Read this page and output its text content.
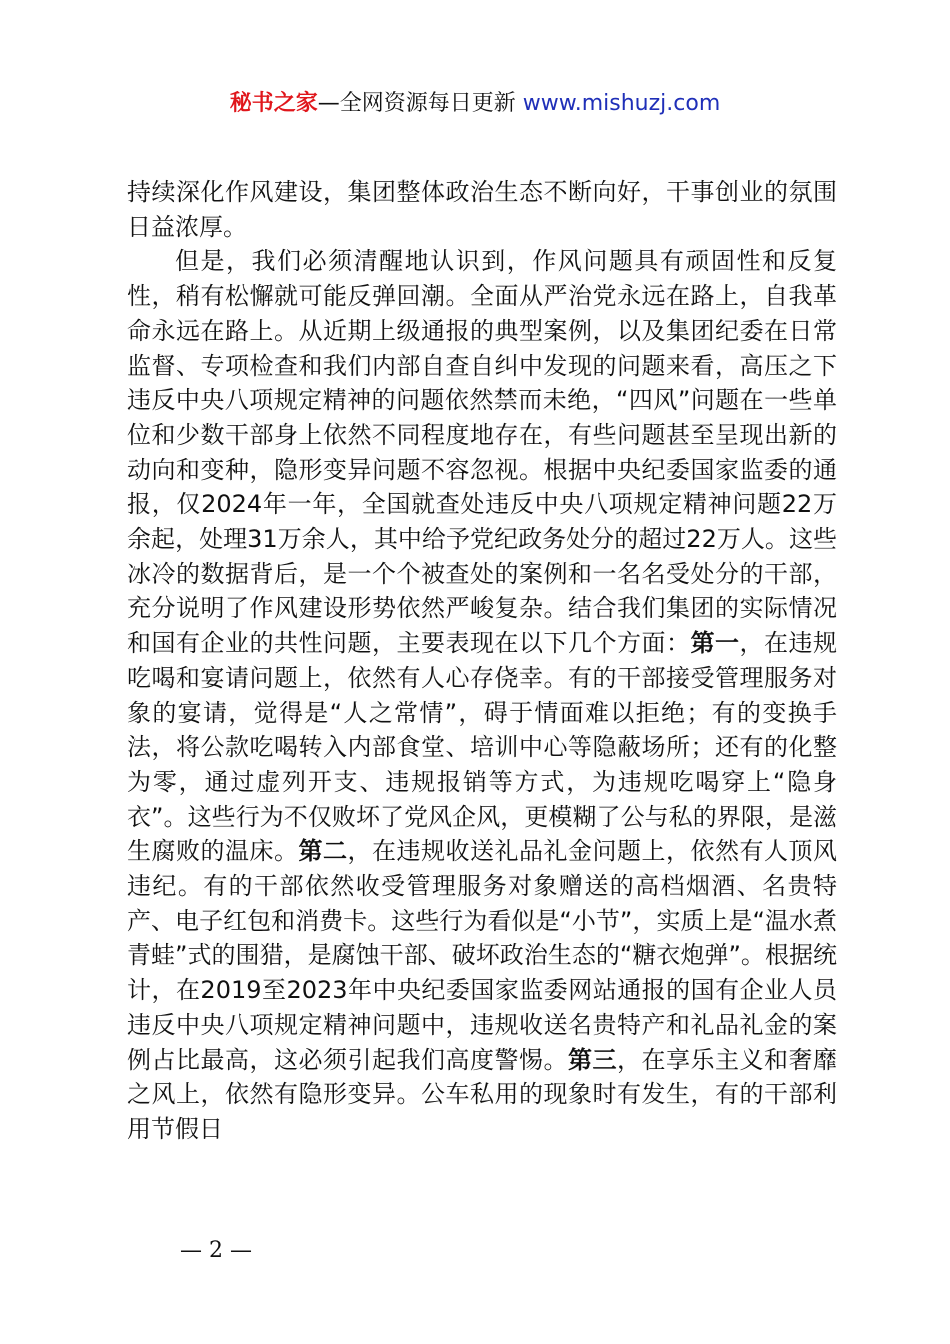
秘书之家—全网资源每日更新 www.mishuzj.com

持续深化作风建设，集团整体政治生态不断向好，干事创业的氛围日益浓厚。

但是，我们必须清醒地认识到，作风问题具有顽固性和反复性，稍有松懈就可能反弹回潮。全面从严治党永远在路上，自我革命永远在路上。从近期上级通报的典型案例，以及集团纪委在日常监督、专项检查和我们内部自查自纠中发现的问题来看，高压之下违反中央八项规定精神的问题依然禁而未绝，“四风”问题在一些单位和少数干部身上依然不同程度地存在，有些问题甚至呈现出新的动向和变种，隐形变异问题不容忽视。根据中央纪委国家监委的通报，仅2024年一年，全国就查处违反中央八项规定精神问题22万余起，处理31万余人，其中给予党纪政务处分的超过22万人。这些冰冷的数据背后，是一个个被查处的案例和一名名受处分的干部，充分说明了作风建设形势依然严峻复杂。结合我们集团的实际情况和国有企业的共性问题，主要表现在以下几个方面：第一，在违规吃喝和宴请问题上，依然有人心存侥幸。有的干部接受管理服务对象的宴请，觉得是“人之常情”，碍于情面难以拒绝；有的变换手法，将公款吃喝转入内部食堂、培训中心等隐蔽场所；还有的化整为零，通过虚列开支、违规报销等方式，为违规吃喝穿上“隐身衣”。这些行为不仅败坏了党风企风，更模糊了公与私的界限，是滋生腐败的温床。第二，在违规收送礼品礼金问题上，依然有人顶风违纪。有的干部依然收受管理服务对象赠送的高档烟酒、名贵特产、电子红包和消费卡。这些行为看似是“小节”，实质上是“温水煮青蛙”式的围猎，是腐蚀干部、破坏政治生态的“糖衣炮弹”。根据统计，在2019至2023年中央纪委国家监委网站通报的国有企业人员违反中央八项规定精神问题中，违规收送名贵特产和礼品礼金的案例占比最高，这必须引起我们高度警惕。第三，在享乐主义和奢靡之风上，依然有隐形变异。公车私用的现象时有发生，有的干部利用节假日

— 2 —
